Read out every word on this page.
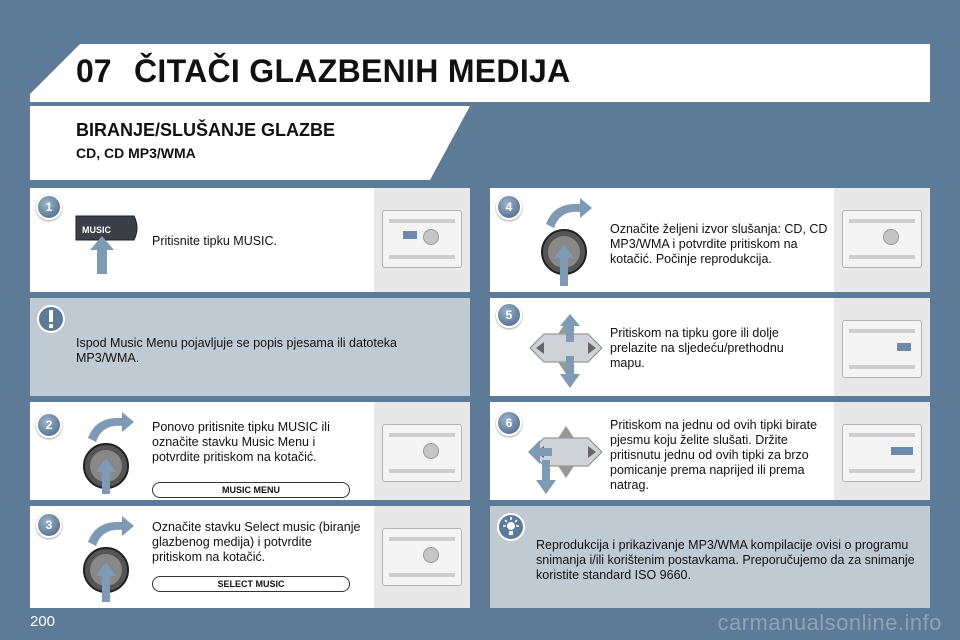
07 ČITAČI GLAZBENIH MEDIJA
BIRANJE/SLUŠANJE GLAZBE
CD, CD MP3/WMA
1
MUSIC
Pritisnite tipku MUSIC.
Ispod Music Menu pojavljuje se popis pjesama ili datoteka MP3/WMA.
2	Ponovo pritisnite tipku MUSIC ili označite stavku Music Menu i potvrdite pritiskom na kotačić.
MUSIC MENU
3	Označite stavku Select music (biranje glazbenog medija) i potvrdite pritiskom na kotačić.
SELECT MUSIC
4
Označite željeni izvor slušanja: CD, CD MP3/WMA i potvrdite pritiskom na kotačić. Počinje reprodukcija.
5
Pritiskom na tipku gore ili dolje prelazite na sljedeću/prethodnu mapu.
6	Pritiskom na jednu od ovih tipki birate pjesmu koju želite slušati. Držite pritisnutu jednu od ovih tipki za brzo pomicanje prema naprijed ili prema natrag.
Reprodukcija i prikazivanje MP3/WMA kompilacije ovisi o programu snimanja i/ili korištenim postavkama. Preporučujemo da za snimanje koristite standard ISO 9660.
200	carmanualsonline.info
